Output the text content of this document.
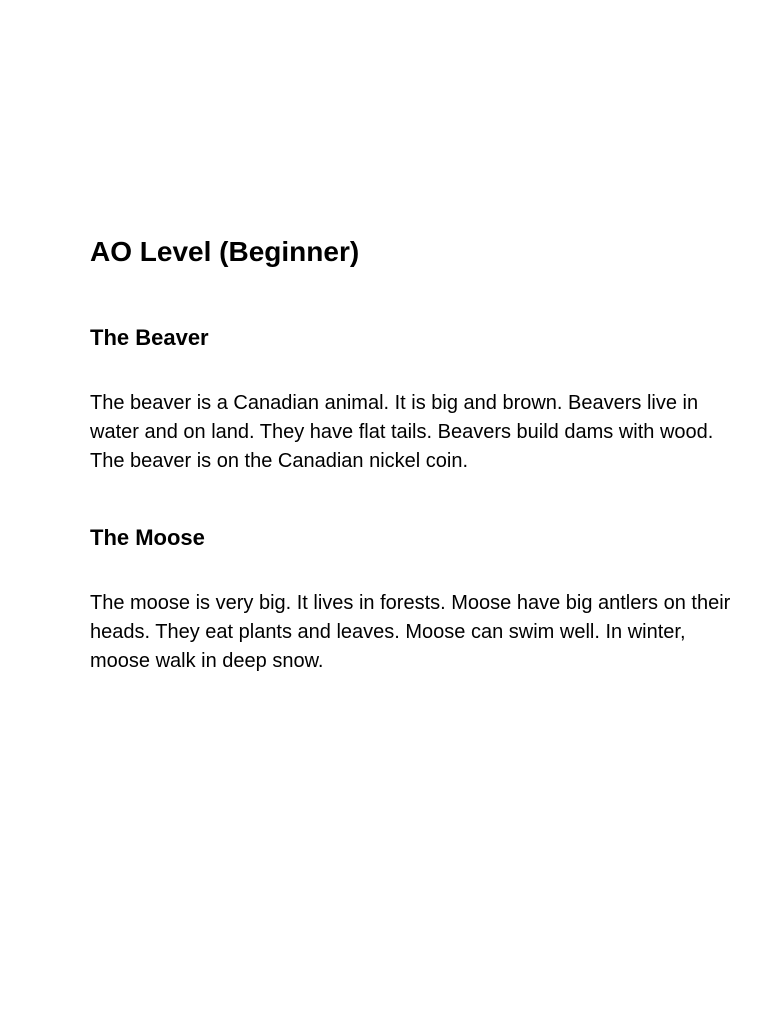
AO Level (Beginner)
The Beaver

The beaver is a Canadian animal. It is big and brown. Beavers live in water and on land. They have flat tails. Beavers build dams with wood. The beaver is on the Canadian nickel coin.

The Moose

The moose is very big. It lives in forests. Moose have big antlers on their heads. They eat plants and leaves. Moose can swim well. In winter, moose walk in deep snow.
